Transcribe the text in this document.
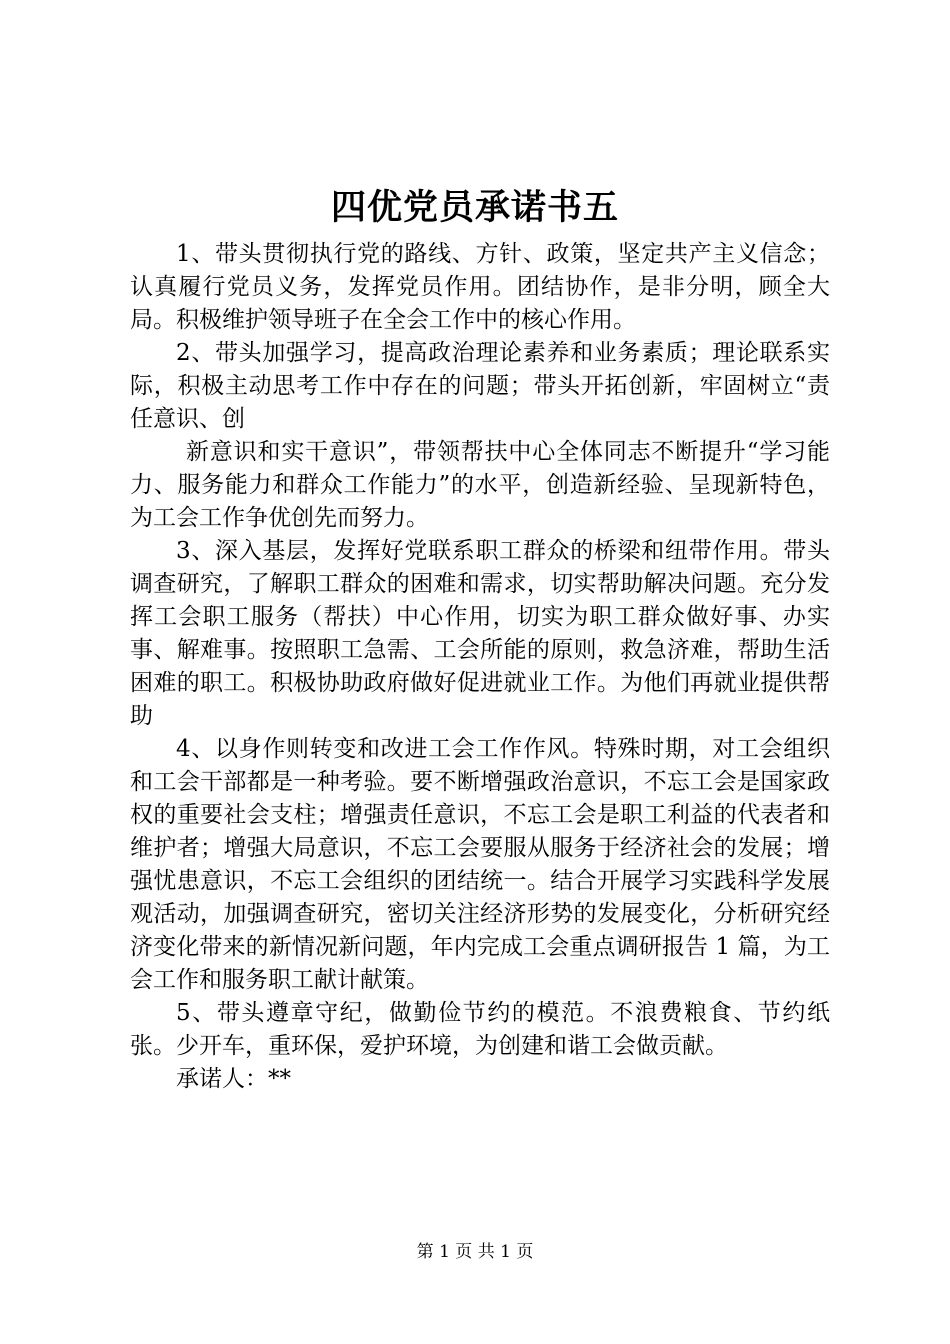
四优党员承诺书五

1、带头贯彻执行党的路线、方针、政策，坚定共产主义信念；认真履行党员义务，发挥党员作用。团结协作，是非分明，顾全大局。积极维护领导班子在全会工作中的核心作用。

2、带头加强学习，提高政治理论素养和业务素质；理论联系实际，积极主动思考工作中存在的问题；带头开拓创新，牢固树立“责任意识、创

新意识和实干意识”，带领帮扶中心全体同志不断提升“学习能力、服务能力和群众工作能力”的水平，创造新经验、呈现新特色，为工会工作争优创先而努力。

3、深入基层，发挥好党联系职工群众的桥梁和纽带作用。带头调查研究，了解职工群众的困难和需求，切实帮助解决问题。充分发挥工会职工服务（帮扶）中心作用，切实为职工群众做好事、办实事、解难事。按照职工急需、工会所能的原则，救急济难，帮助生活困难的职工。积极协助政府做好促进就业工作。为他们再就业提供帮助

4、以身作则转变和改进工会工作作风。特殊时期，对工会组织和工会干部都是一种考验。要不断增强政治意识，不忘工会是国家政权的重要社会支柱；增强责任意识，不忘工会是职工利益的代表者和维护者；增强大局意识，不忘工会要服从服务于经济社会的发展；增强忧患意识，不忘工会组织的团结统一。结合开展学习实践科学发展观活动，加强调查研究，密切关注经济形势的发展变化，分析研究经济变化带来的新情况新问题，年内完成工会重点调研报告 1 篇，为工会工作和服务职工献计献策。

5、带头遵章守纪，做勤俭节约的模范。不浪费粮食、节约纸张。少开车，重环保，爱护环境，为创建和谐工会做贡献。

承诺人：**

第 1 页 共 1 页
